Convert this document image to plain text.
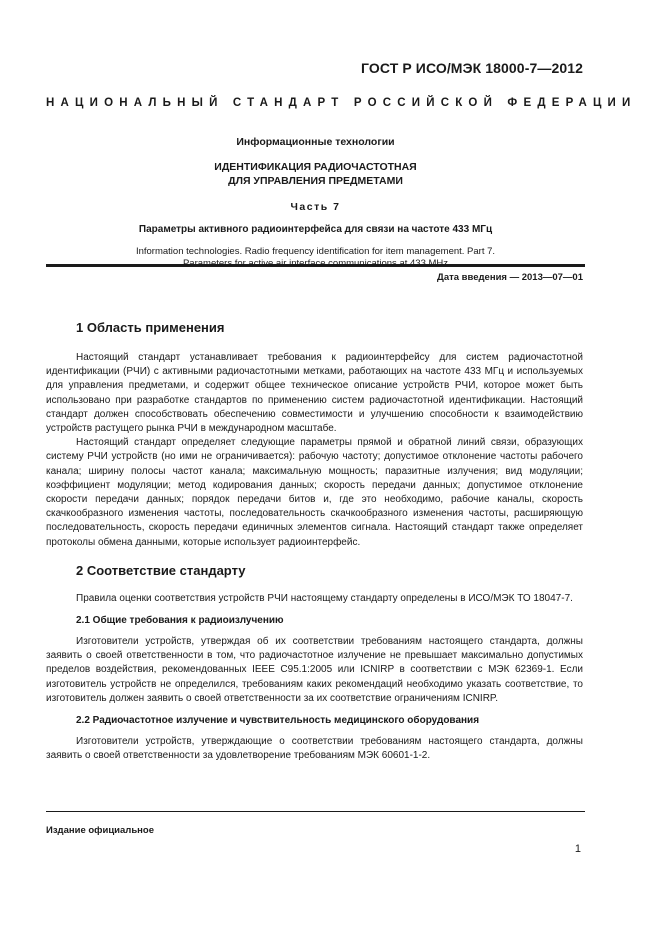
ГОСТ Р ИСО/МЭК 18000-7—2012
НАЦИОНАЛЬНЫЙ СТАНДАРТ РОССИЙСКОЙ ФЕДЕРАЦИИ
Информационные технологии
ИДЕНТИФИКАЦИЯ РАДИОЧАСТОТНАЯ
ДЛЯ УПРАВЛЕНИЯ ПРЕДМЕТАМИ
Часть 7
Параметры активного радиоинтерфейса для связи на частоте 433 МГц
Information technologies. Radio frequency identification for item management. Part 7.
Дата введения — 2013—07—01
1 Область применения

Настоящий стандарт устанавливает требования к радиоинтерфейсу для систем радиочастотной идентификации (РЧИ) с активными радиочастотными метками, работающих на частоте 433 МГц и используемых для управления предметами, и содержит общее техническое описание устройств РЧИ, которое может быть использовано при разработке стандартов по применению систем радиочастотной идентификации. Настоящий стандарт должен способствовать обеспечению совместимости и улучшению способности к взаимодействию устройств растущего рынка РЧИ в международном масштабе.

Настоящий стандарт определяет следующие параметры прямой и обратной линий связи, образующих систему РЧИ устройств (но ими не ограничивается): рабочую частоту; допустимое отклонение частоты рабочего канала; ширину полосы частот канала; максимальную мощность; паразитные излучения; вид модуляции; коэффициент модуляции; метод кодирования данных; скорость передачи данных; допустимое отклонение скорости передачи данных; порядок передачи битов и, где это необходимо, рабочие каналы, скорость скачкообразного изменения частоты, последовательность скачкообразного изменения частоты, расширяющую последовательность, скорость передачи единичных элементов сигнала. Настоящий стандарт также определяет протоколы обмена данными, которые использует радиоинтерфейс.

2 Соответствие стандарту

Правила оценки соответствия устройств РЧИ настоящему стандарту определены в ИСО/МЭК ТО 18047-7.

2.1 Общие требования к радиоизлучению

Изготовители устройств, утверждая об их соответствии требованиям настоящего стандарта, должны заявить о своей ответственности в том, что радиочастотное излучение не превышает максимально допустимых пределов воздействия, рекомендованных IEEE C95.1:2005 или ICNIRP в соответствии с МЭК 62369-1. Если изготовитель устройств не определился, требованиям каких рекомендаций необходимо указать соответствие, то изготовитель должен заявить о своей ответственности за их соответствие ограничениям ICNIRP.

2.2 Радиочастотное излучение и чувствительность медицинского оборудования

Изготовители устройств, утверждающие о соответствии требованиям настоящего стандарта, должны заявить о своей ответственности за удовлетворение требованиям МЭК 60601-1-2.

Издание официальное
1
